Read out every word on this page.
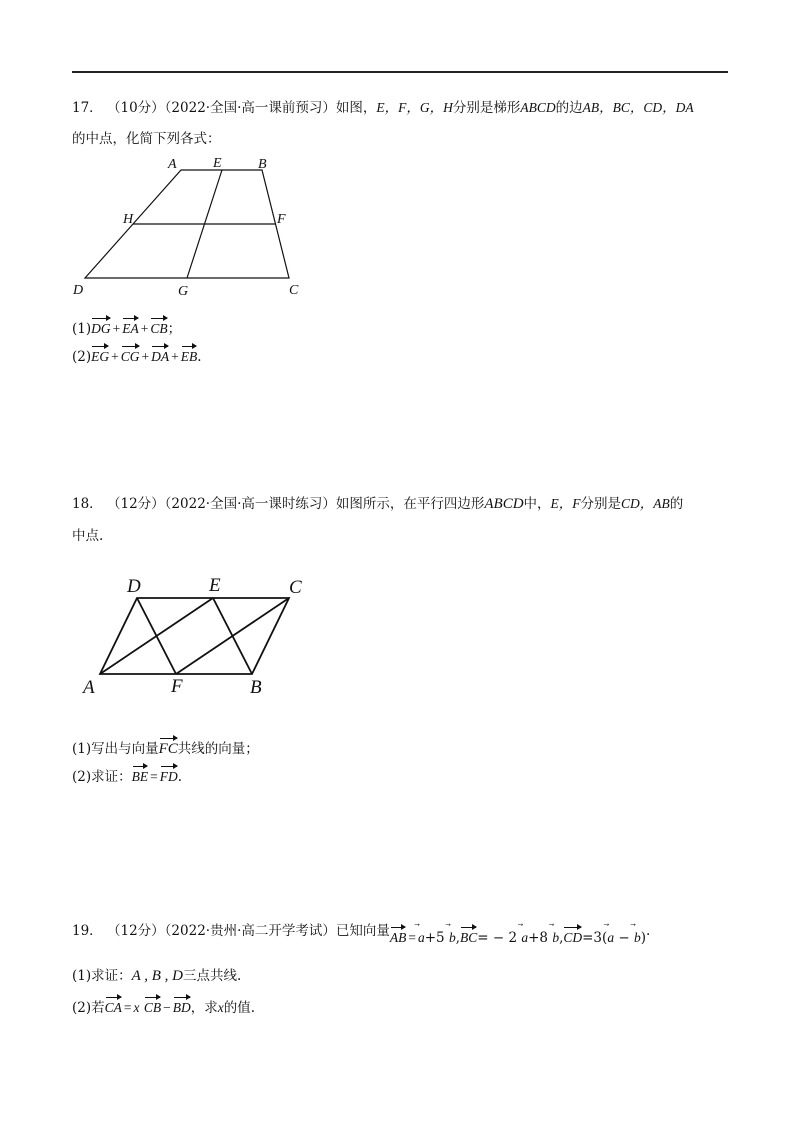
17． （10分）（2022·全国·高一课前预习）如图，E，F，G，H分别是梯形ABCD的边AB，BC，CD，DA
的中点，化简下列各式：
A	E	B
H	F
D	G	C
(1)DG + EA + CB；
(2)EG + CG + DA + EB.
18． （12分）（2022·全国·高一课时练习）如图所示，在平行四边形ABCD中，E，F分别是CD，AB的
中点.
D	E	C
A	F	B
(1)写出与向量FC共线的向量；
(2)求证：BE = FD.
19． （12分）（2022·贵州·高二开学考试）已知向量AB = a ⃗+5 b ⃗,BC= − 2 a ⃗+8 b ⃗,CD=3(a ⃗ − b ⃗).
(1)求证：A , B , D三点共线.
(2)若CA = x CB − BD，求x的值.
